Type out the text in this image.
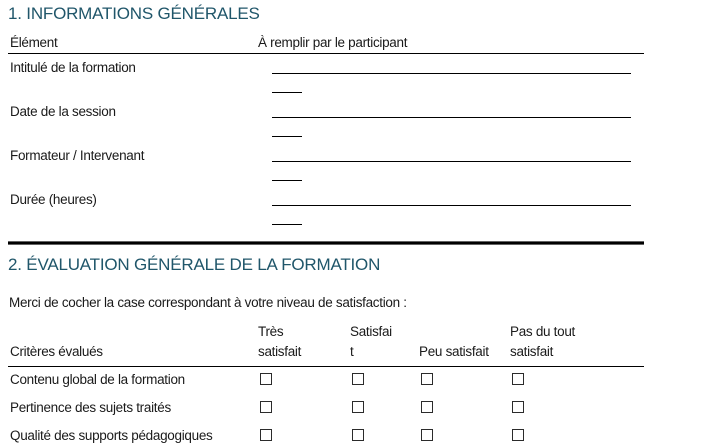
1. INFORMATIONS GÉNÉRALES
Élément	À remplir par le participant
Intitulé de la formation
Date de la session
Formateur / Intervenant
Durée (heures)
2. ÉVALUATION GÉNÉRALE DE LA FORMATION

Merci de cocher la case correspondant à votre niveau de satisfaction :

Critères évalués
Très
satisfait
Satisfai
t	Peu satisfait
Pas du tout
satisfait
Contenu global de la formation
Pertinence des sujets traités
Qualité des supports pédagogiques
